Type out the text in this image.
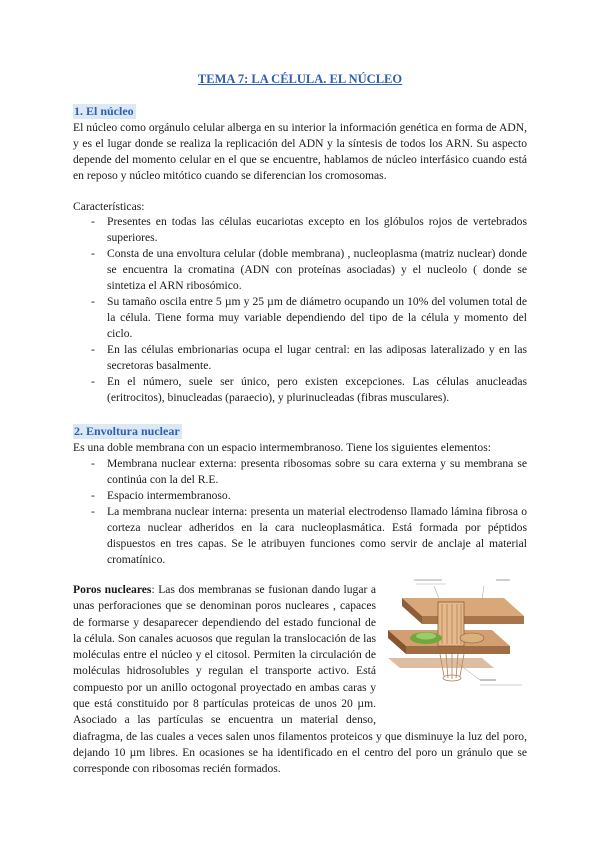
TEMA 7: LA CÉLULA. EL NÚCLEO
1. El núcleo
El núcleo como orgánulo celular alberga en su interior la información genética en forma de ADN, y es el lugar donde se realiza la replicación del ADN y la síntesis de todos los ARN. Su aspecto depende del momento celular en el que se encuentre, hablamos de núcleo interfásico cuando está en reposo y núcleo mitótico cuando se diferencian los cromosomas.
Características:
- Presentes en todas las células eucariotas excepto en los glóbulos rojos de vertebrados superiores.
- Consta de una envoltura celular (doble membrana) , nucleoplasma (matriz nuclear) donde se encuentra la cromatina (ADN con proteínas asociadas) y el nucleolo ( donde se sintetiza el ARN ribosómico.
- Su tamaño oscila entre 5 µm y 25 µm de diámetro ocupando un 10% del volumen total de la célula. Tiene forma muy variable dependiendo del tipo de la célula y momento del ciclo.
- En las células embrionarias ocupa el lugar central: en las adiposas lateralizado y en las secretoras basalmente.
- En el número, suele ser único, pero existen excepciones. Las células anucleadas (eritrocitos), binucleadas (paraecio), y plurinucleadas (fibras musculares).
2. Envoltura nuclear
Es una doble membrana con un espacio intermembranoso. Tiene los siguientes elementos:
- Membrana nuclear externa: presenta ribosomas sobre su cara externa y su membrana se continúa con la del R.E.
- Espacio intermembranoso.
- La membrana nuclear interna: presenta un material electrodenso llamado lámina fibrosa o corteza nuclear adheridos en la cara nucleoplasmática. Está formada por péptidos dispuestos en tres capas. Se le atribuyen funciones como servir de anclaje al material cromatínico.
Poros nucleares: Las dos membranas se fusionan dando lugar a unas perforaciones que se denominan poros nucleares , capaces de formarse y desaparecer dependiendo del estado funcional de la célula. Son canales acuosos que regulan la translocación de las moléculas entre el núcleo y el citosol. Permiten la circulación de moléculas hidrosolubles y regulan el transporte activo. Está compuesto por un anillo octogonal proyectado en ambas caras y que está constituido por 8 partículas proteicas de unos 20 µm. Asociado a las partículas se encuentra un material denso, diafragma, de las cuales a veces salen unos filamentos proteicos y que disminuye la luz del poro, dejando 10 µm libres. En ocasiones se ha identificado en el centro del poro un gránulo que se corresponde con ribosomas recién formados.
